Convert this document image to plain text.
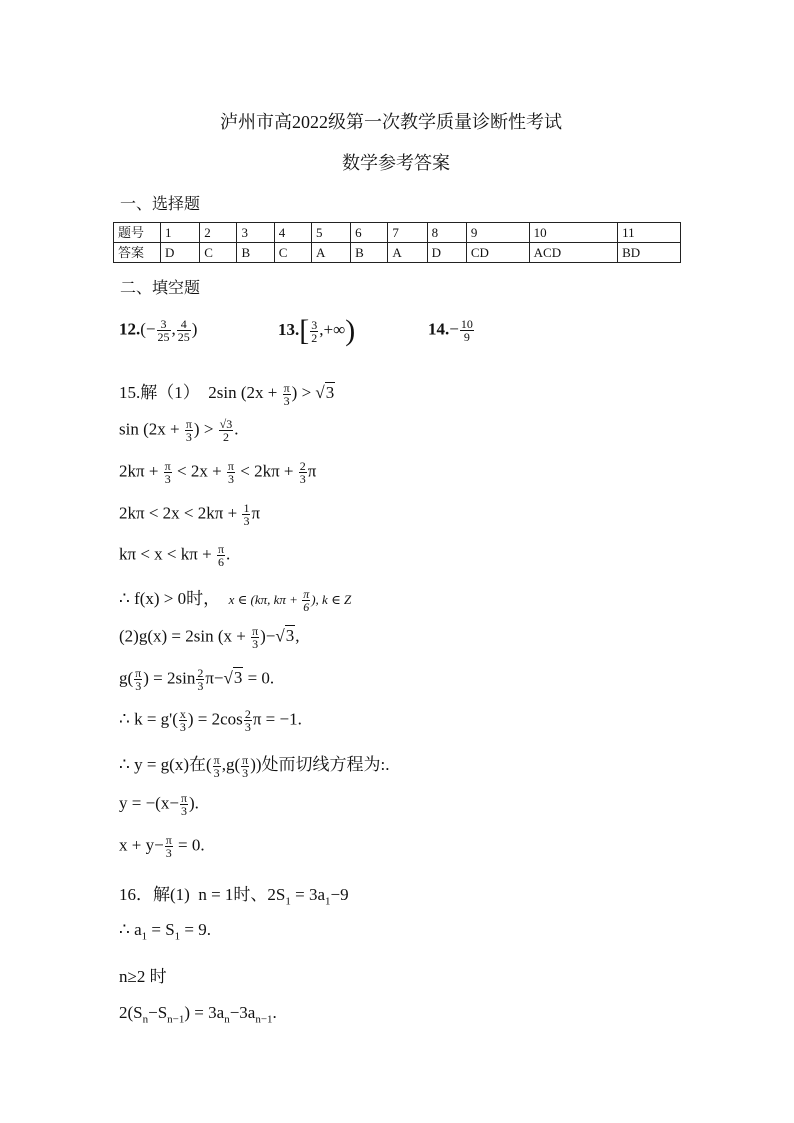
泸州市高2022级第一次教学质量诊断性考试
数学参考答案
一、选择题
题号	1	2	3	4	5	6	7	8	9	10	11
答案	D	C	B	C	A	B	A	D	CD	ACD	BD
二、填空题
$12.(- \frac{3}{25}$ , $\frac{4}{25}$ )	$13.[ \frac{3}{2}$ ,+∞)	$14.- \frac{10}{9}$
15.解（1）  2sin ($2x + \frac{\pi}{3}$ ) > √3
$\sin (2x + \frac{\pi}{3}$ ) > $\frac{√3}{2}$ .
$2k\pi + \frac{\pi}{3} < 2x + \frac{\pi}{3} < 2k\pi + \frac{2}{3}$ π
$2k\pi < 2x < 2k\pi + \frac{1}{3}$ π
$k\pi < x < k\pi + \frac{\pi}{6}$ .
∴ f(x) > 0时， x ∈ (kπ, $k\pi + \frac{\pi}{6}$ ), k ∈ Z
(2)g(x) = 2sin $(x + \frac{\pi}{3} )-√3$,
$g( \frac{\pi}{3}$ ) = $2\sin \frac{2}{3} \pi-√3 = 0$.
∴ $k = g'( \frac{x}{3}$ ) = $2\cos \frac{2}{3}$ π = −1.
∴ y = g(x)在( $\frac{\pi}{3} ,g( \frac{\pi}{3}$ ))处而切线方程为:.
$y = -(x- \frac{\pi}{3}$ ).
$x + y- \frac{\pi}{3} = 0$.
16．解(1) n = 1时、$2S_1 = 3a_1-9$
∴ $a_1 = S_1 = 9$.
n≥2 时
$2(S_n-S_{n-1}) = 3a_n-3a_{n-1}$.
